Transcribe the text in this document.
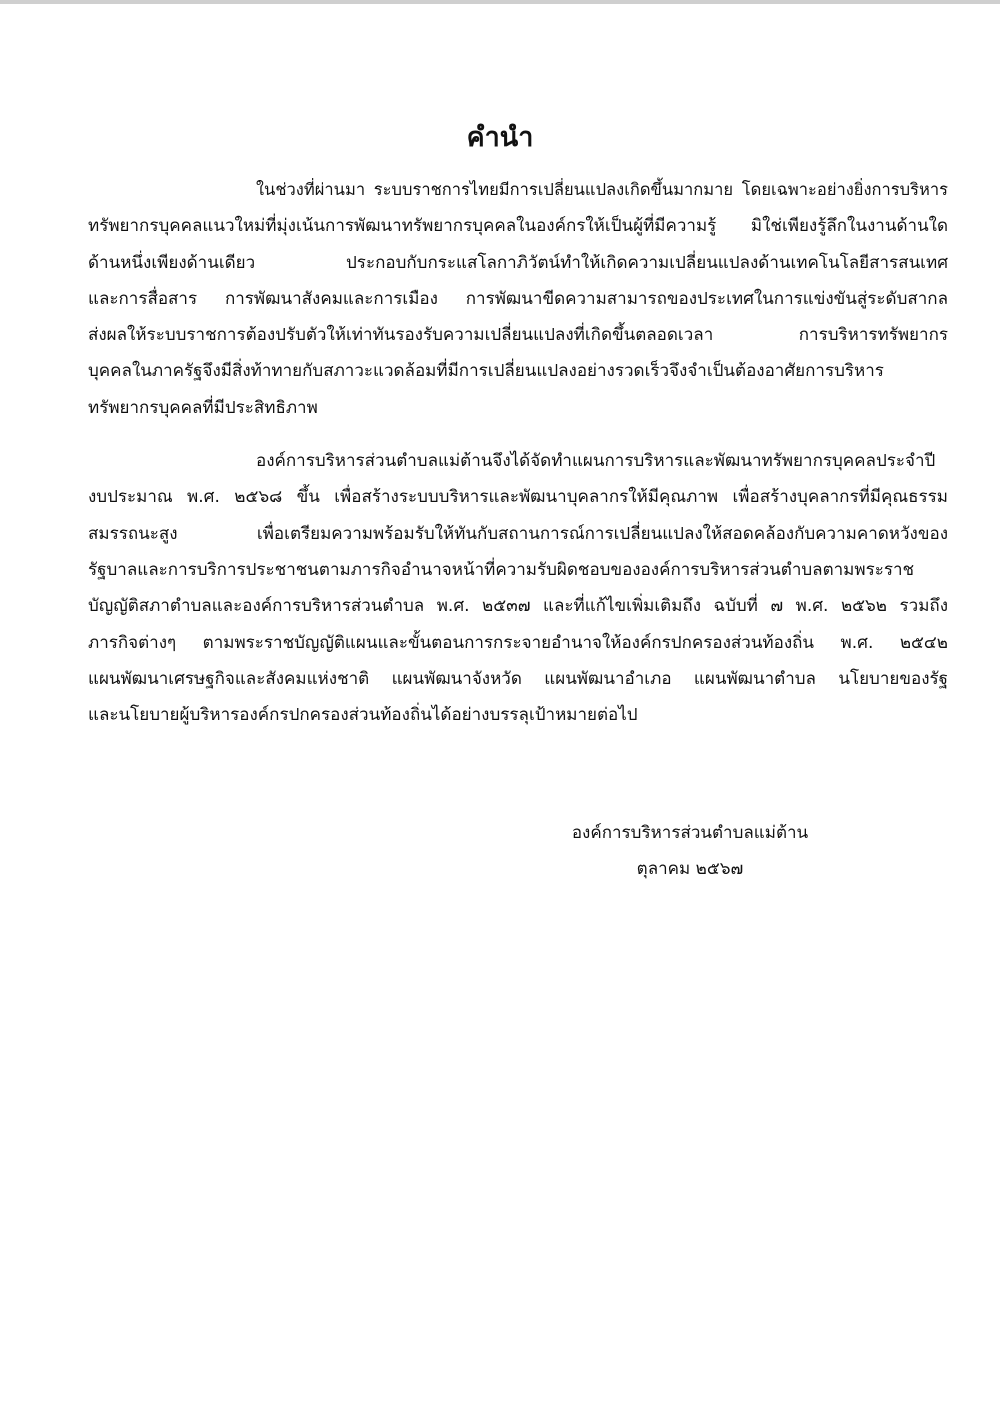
คำนำ
ในช่วงที่ผ่านมา ระบบราชการไทยมีการเปลี่ยนแปลงเกิดขึ้นมากมาย โดยเฉพาะอย่างยิ่งการบริหาร
ทรัพยากรบุคคลแนวใหม่ที่มุ่งเน้นการพัฒนาทรัพยากรบุคคลในองค์กรให้เป็นผู้ที่มีความรู้ มิใช่เพียงรู้ลึกในงานด้านใด
ด้านหนึ่งเพียงด้านเดียว ประกอบกับกระแสโลกาภิวัตน์ทำให้เกิดความเปลี่ยนแปลงด้านเทคโนโลยีสารสนเทศ
และการสื่อสาร การพัฒนาสังคมและการเมือง การพัฒนาขีดความสามารถของประเทศในการแข่งขันสู่ระดับสากล
ส่งผลให้ระบบราชการต้องปรับตัวให้เท่าทันรองรับความเปลี่ยนแปลงที่เกิดขึ้นตลอดเวลา การบริหารทรัพยากร
บุคคลในภาครัฐจึงมีสิ่งท้าทายกับสภาวะแวดล้อมที่มีการเปลี่ยนแปลงอย่างรวดเร็วจึงจำเป็นต้องอาศัยการบริหาร
ทรัพยากรบุคคลที่มีประสิทธิภาพ
องค์การบริหารส่วนตำบลแม่ต้านจึงได้จัดทำแผนการบริหารและพัฒนาทรัพยากรบุคคลประจำปี
งบประมาณ พ.ศ. ๒๕๖๘ ขึ้น เพื่อสร้างระบบบริหารและพัฒนาบุคลากรให้มีคุณภาพ เพื่อสร้างบุคลากรที่มีคุณธรรม
สมรรถนะสูง เพื่อเตรียมความพร้อมรับให้ทันกับสถานการณ์การเปลี่ยนแปลงให้สอดคล้องกับความคาดหวังของ
รัฐบาลและการบริการประชาชนตามภารกิจอำนาจหน้าที่ความรับผิดชอบขององค์การบริหารส่วนตำบลตามพระราช
บัญญัติสภาตำบลและองค์การบริหารส่วนตำบล พ.ศ. ๒๕๓๗ และที่แก้ไขเพิ่มเติมถึง ฉบับที่ ๗ พ.ศ. ๒๕๖๒ รวมถึง
ภารกิจต่างๆ ตามพระราชบัญญัติแผนและขั้นตอนการกระจายอำนาจให้องค์กรปกครองส่วนท้องถิ่น พ.ศ. ๒๕๔๒
แผนพัฒนาเศรษฐกิจและสังคมแห่งชาติ แผนพัฒนาจังหวัด แผนพัฒนาอำเภอ แผนพัฒนาตำบล นโยบายของรัฐ
และนโยบายผู้บริหารองค์กรปกครองส่วนท้องถิ่นได้อย่างบรรลุเป้าหมายต่อไป
องค์การบริหารส่วนตำบลแม่ต้าน
ตุลาคม ๒๕๖๗
